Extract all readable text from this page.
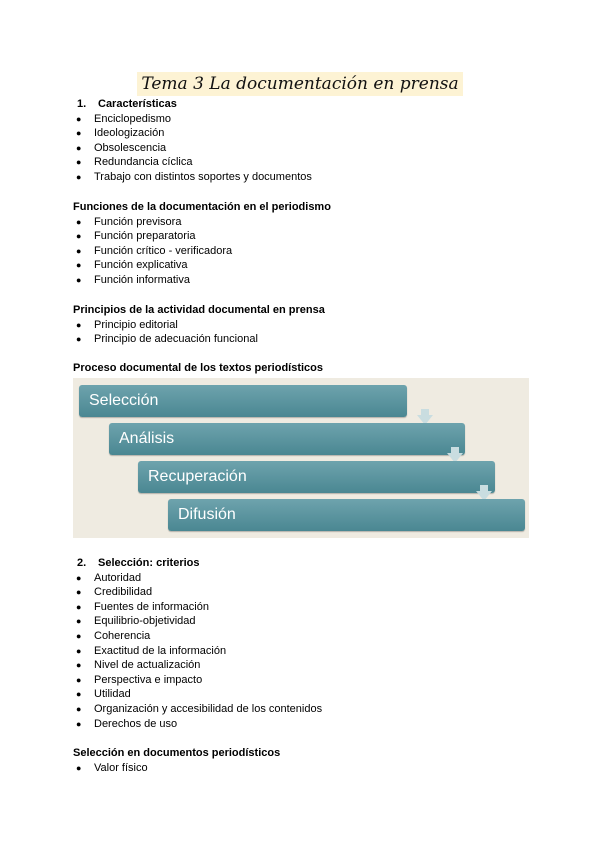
Tema 3 La documentación en prensa

1. Características

● Enciclopedismo
● Ideologización
● Obsolescencia
● Redundancia cíclica
● Trabajo con distintos soportes y documentos

Funciones de la documentación en el periodismo

● Función previsora
● Función preparatoria
● Función crítico - verificadora
● Función explicativa
● Función informativa

Principios de la actividad documental en prensa

● Principio editorial
● Principio de adecuación funcional

Proceso documental de los textos periodísticos

Selección
Análisis
Recuperación
Difusión

2. Selección: criterios

● Autoridad
● Credibilidad
● Fuentes de información
● Equilibrio-objetividad
● Coherencia
● Exactitud de la información
● Nivel de actualización
● Perspectiva e impacto
● Utilidad
● Organización y accesibilidad de los contenidos
● Derechos de uso

Selección en documentos periodísticos

● Valor físico
